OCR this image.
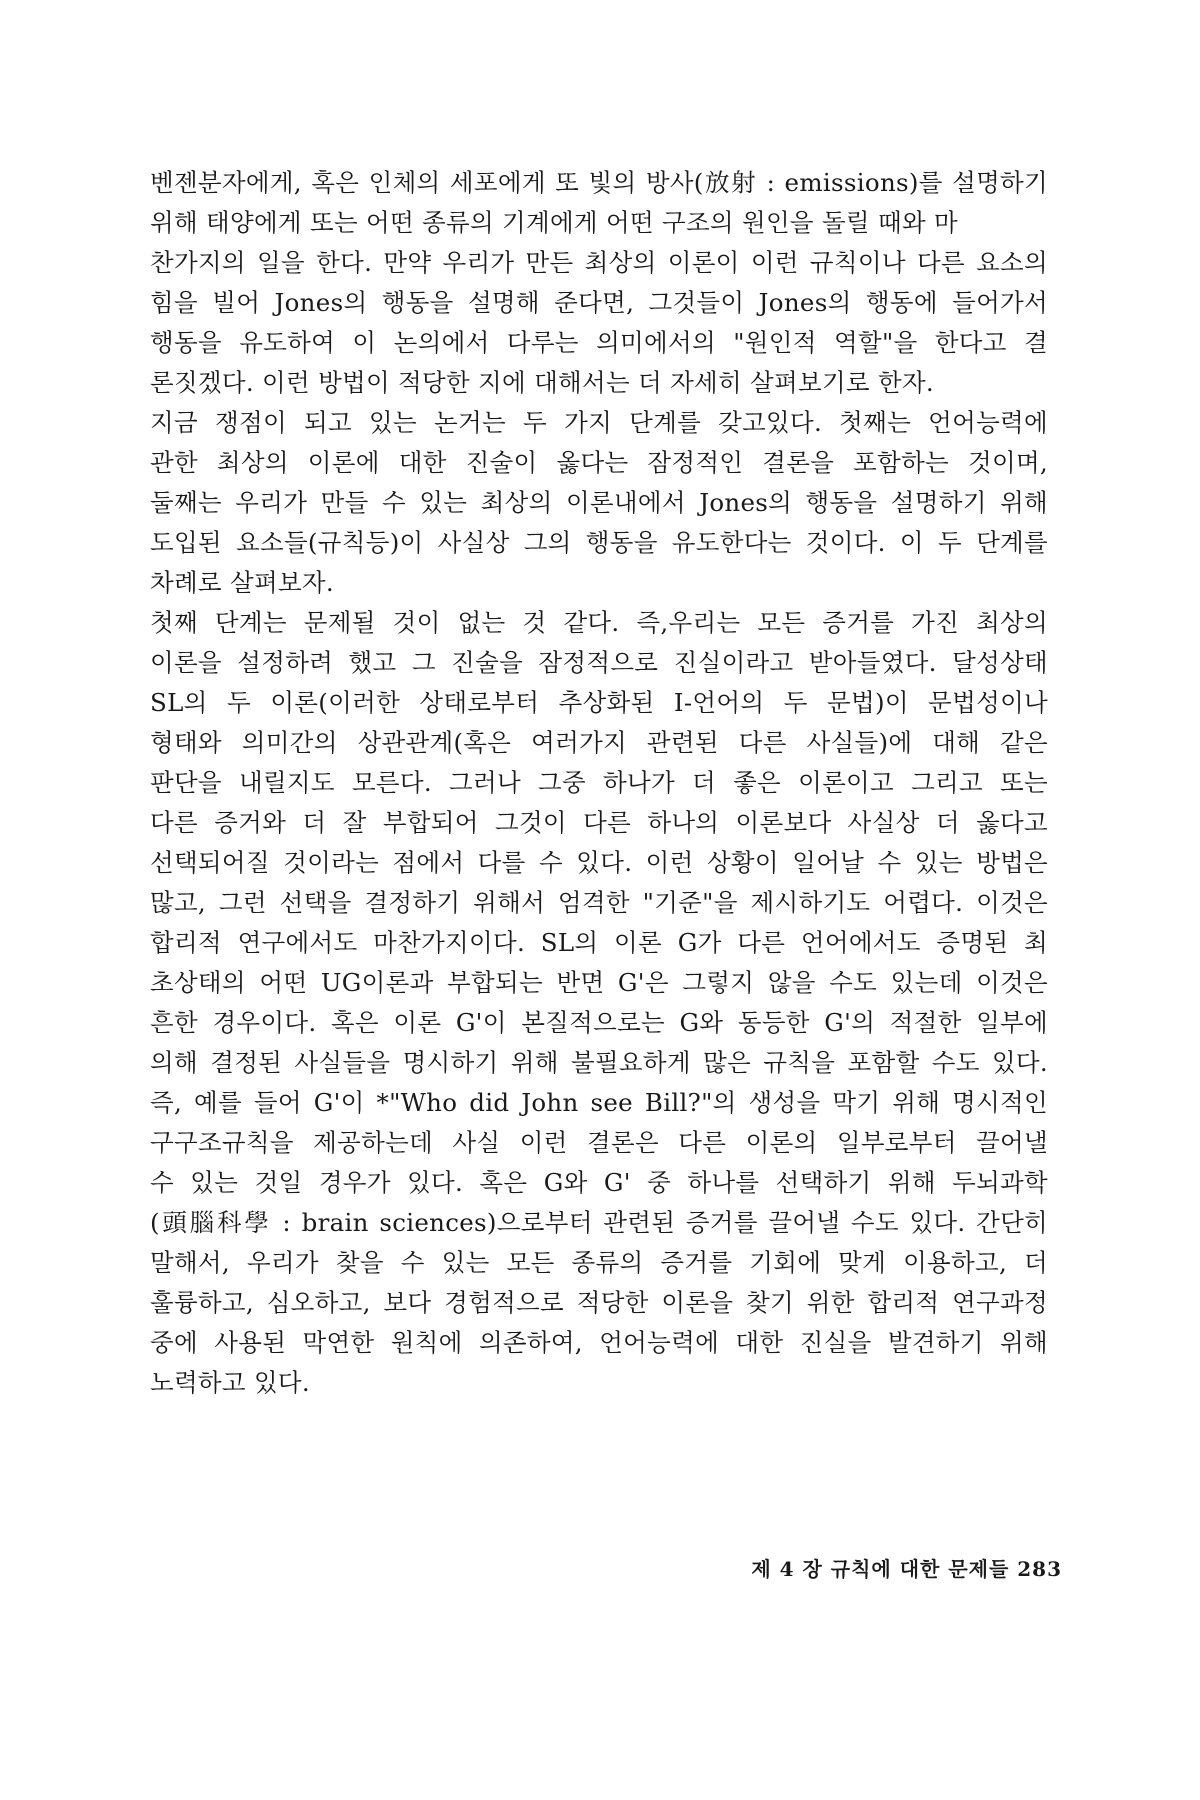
벤젠분자에게, 혹은 인체의 세포에게 또 빛의 방사(放射 : emissions)를 설명하기
위해 태양에게 또는 어떤 종류의 기계에게 어떤 구조의 원인을 돌릴 때와 마
찬가지의 일을 한다. 만약 우리가 만든 최상의 이론이 이런 규칙이나 다른 요소의
힘을 빌어 Jones의 행동을 설명해 준다면, 그것들이 Jones의 행동에 들어가서
행동을 유도하여 이 논의에서 다루는 의미에서의 "원인적 역할"을 한다고 결
론짓겠다. 이런 방법이 적당한 지에 대해서는 더 자세히 살펴보기로 한자.
지금 쟁점이 되고 있는 논거는 두 가지 단계를 갖고있다. 첫째는 언어능력에
관한 최상의 이론에 대한 진술이 옳다는 잠정적인 결론을 포함하는 것이며,
둘째는 우리가 만들 수 있는 최상의 이론내에서 Jones의 행동을 설명하기 위해
도입된 요소들(규칙등)이 사실상 그의 행동을 유도한다는 것이다. 이 두 단계를
차례로 살펴보자.
첫째 단계는 문제될 것이 없는 것 같다. 즉,우리는 모든 증거를 가진 최상의
이론을 설정하려 했고 그 진술을 잠정적으로 진실이라고 받아들였다. 달성상태
SL의 두 이론(이러한 상태로부터 추상화된 I-언어의 두 문법)이 문법성이나
형태와 의미간의 상관관계(혹은 여러가지 관련된 다른 사실들)에 대해 같은
판단을 내릴지도 모른다. 그러나 그중 하나가 더 좋은 이론이고 그리고 또는
다른 증거와 더 잘 부합되어 그것이 다른 하나의 이론보다 사실상 더 옳다고
선택되어질 것이라는 점에서 다를 수 있다. 이런 상황이 일어날 수 있는 방법은
많고, 그런 선택을 결정하기 위해서 엄격한 "기준"을 제시하기도 어렵다. 이것은
합리적 연구에서도 마찬가지이다. SL의 이론 G가 다른 언어에서도 증명된 최
초상태의 어떤 UG이론과 부합되는 반면 G'은 그렇지 않을 수도 있는데 이것은
흔한 경우이다. 혹은 이론 G'이 본질적으로는 G와 동등한 G'의 적절한 일부에
의해 결정된 사실들을 명시하기 위해 불필요하게 많은 규칙을 포함할 수도 있다.
즉, 예를 들어 G'이 *"Who did John see Bill?"의 생성을 막기 위해 명시적인
구구조규칙을 제공하는데 사실 이런 결론은 다른 이론의 일부로부터 끌어낼
수 있는 것일 경우가 있다. 혹은 G와 G' 중 하나를 선택하기 위해 두뇌과학
(頭腦科學 : brain sciences)으로부터 관련된 증거를 끌어낼 수도 있다. 간단히
말해서, 우리가 찾을 수 있는 모든 종류의 증거를 기회에 맞게 이용하고, 더
훌륭하고, 심오하고, 보다 경험적으로 적당한 이론을 찾기 위한 합리적 연구과정
중에 사용된 막연한 원칙에 의존하여, 언어능력에 대한 진실을 발견하기 위해
노력하고 있다.
제 4 장 규칙에 대한 문제들 283
